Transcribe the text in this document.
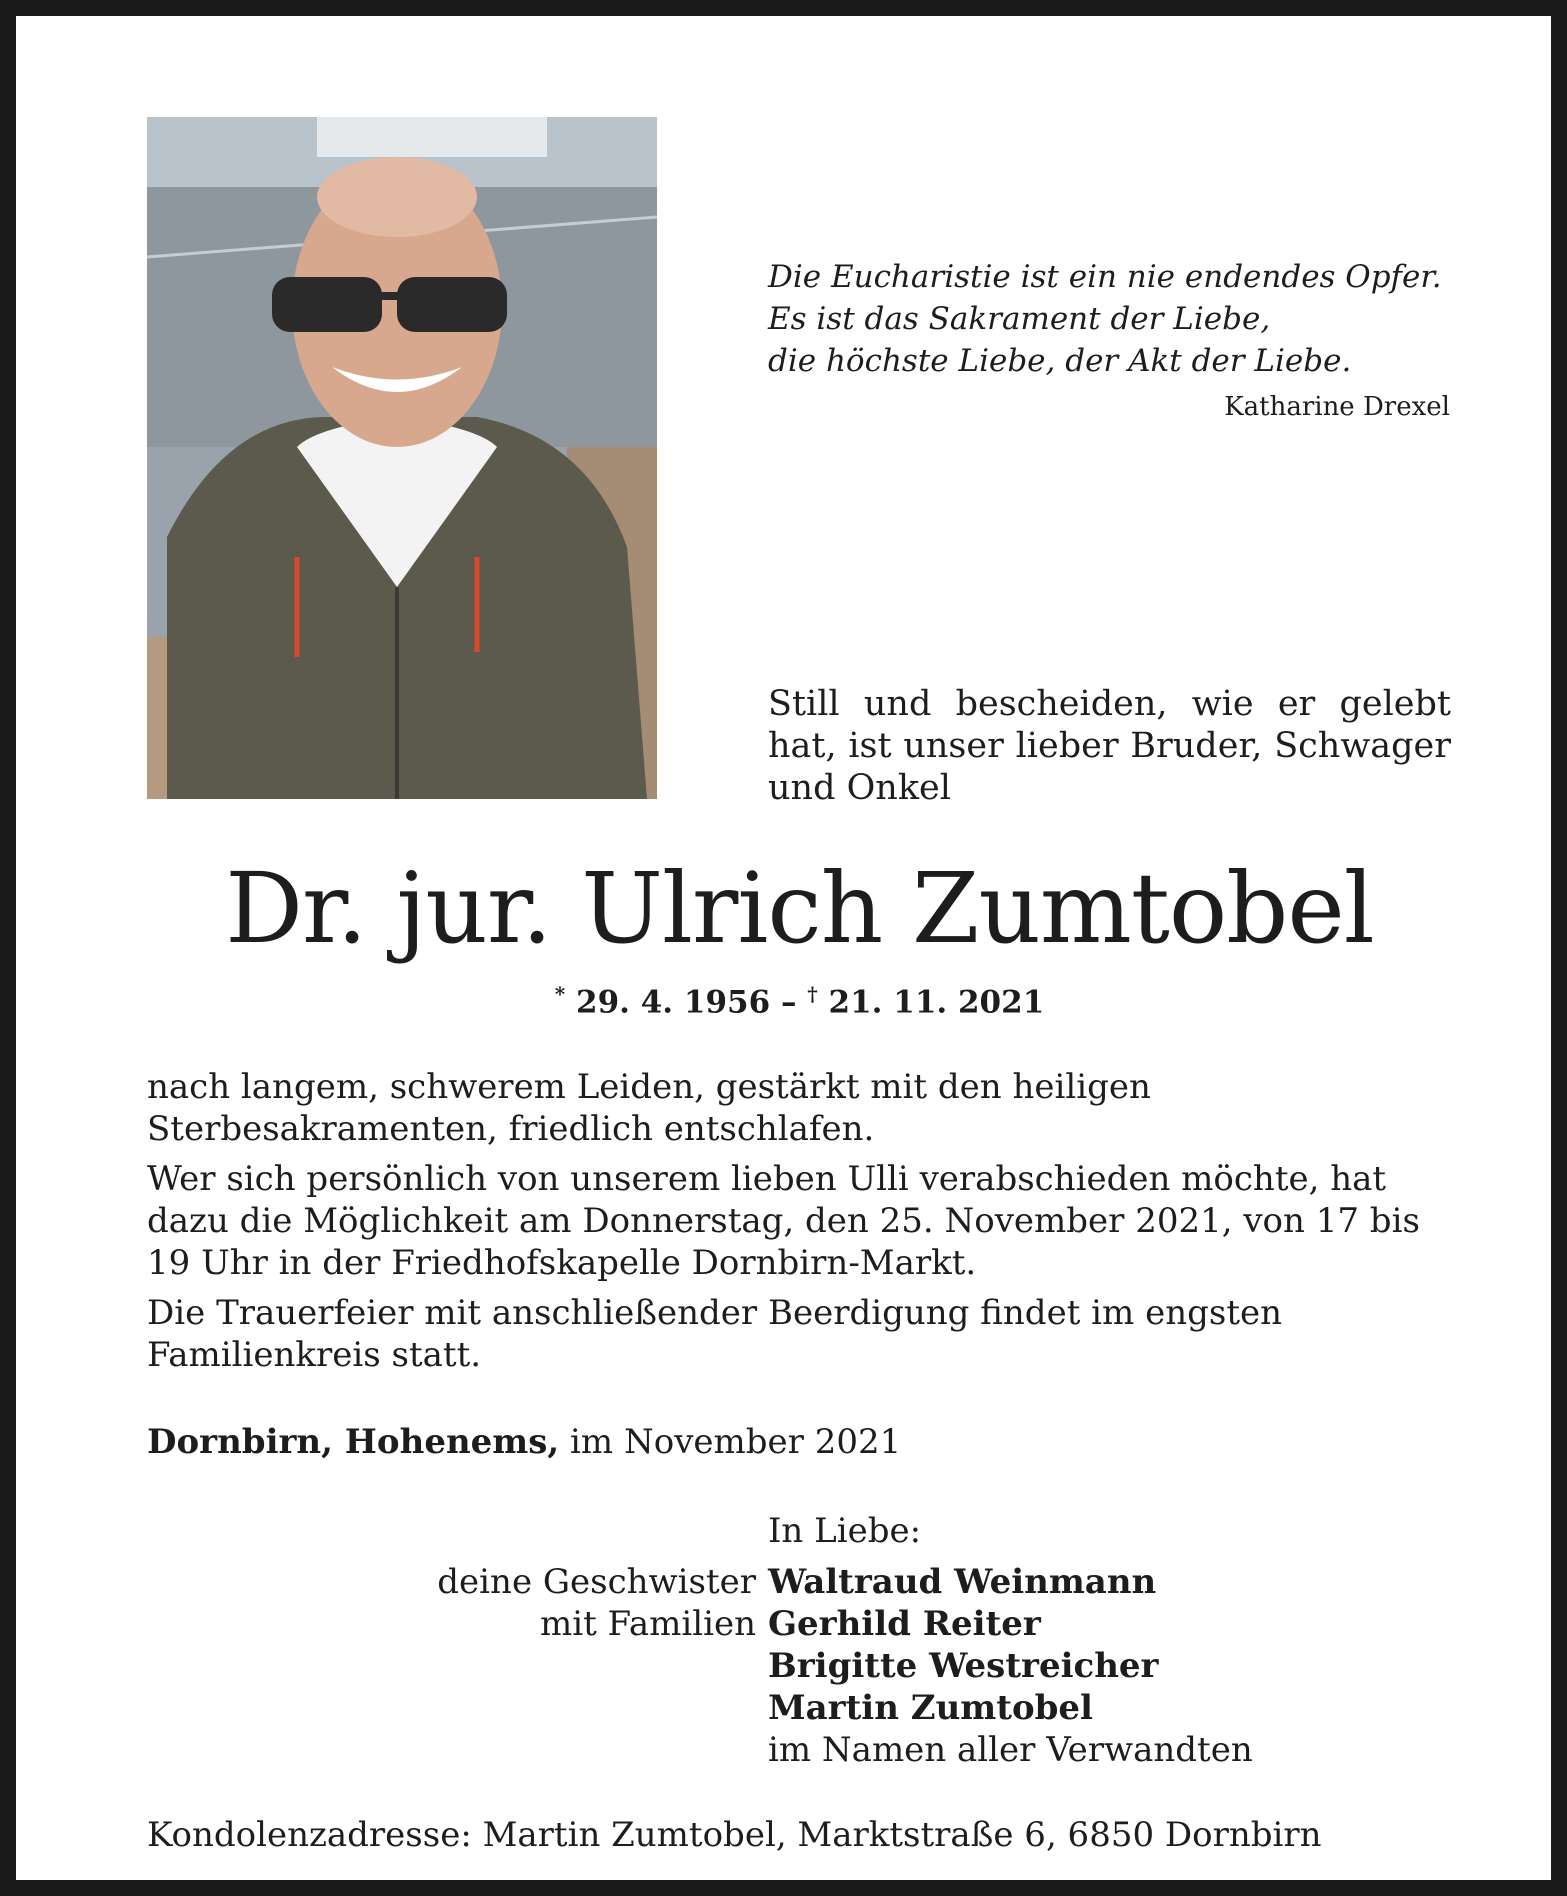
Die Eucharistie ist ein nie endendes Opfer.
Es ist das Sakrament der Liebe,
die höchste Liebe, der Akt der Liebe.
Katharine Drexel
Still und bescheiden, wie er gelebt hat, ist unser lieber Bruder, Schwager und Onkel
Dr. jur. Ulrich Zumtobel
* 29. 4. 1956 – † 21. 11. 2021

nach langem, schwerem Leiden, gestärkt mit den heiligen Sterbesakramenten, friedlich entschlafen.

Wer sich persönlich von unserem lieben Ulli verabschieden möchte, hat dazu die Möglichkeit am Donnerstag, den 25. November 2021, von 17 bis 19 Uhr in der Friedhofskapelle Dornbirn-Markt.

Die Trauerfeier mit anschließender Beerdigung findet im engsten Familienkreis statt.

Dornbirn, Hohenems, im November 2021
In Liebe:
deine Geschwister
mit Familien
Waltraud Weinmann
Gerhild Reiter
Brigitte Westreicher
Martin Zumtobel
im Namen aller Verwandten
Kondolenzadresse: Martin Zumtobel, Marktstraße 6, 6850 Dornbirn
